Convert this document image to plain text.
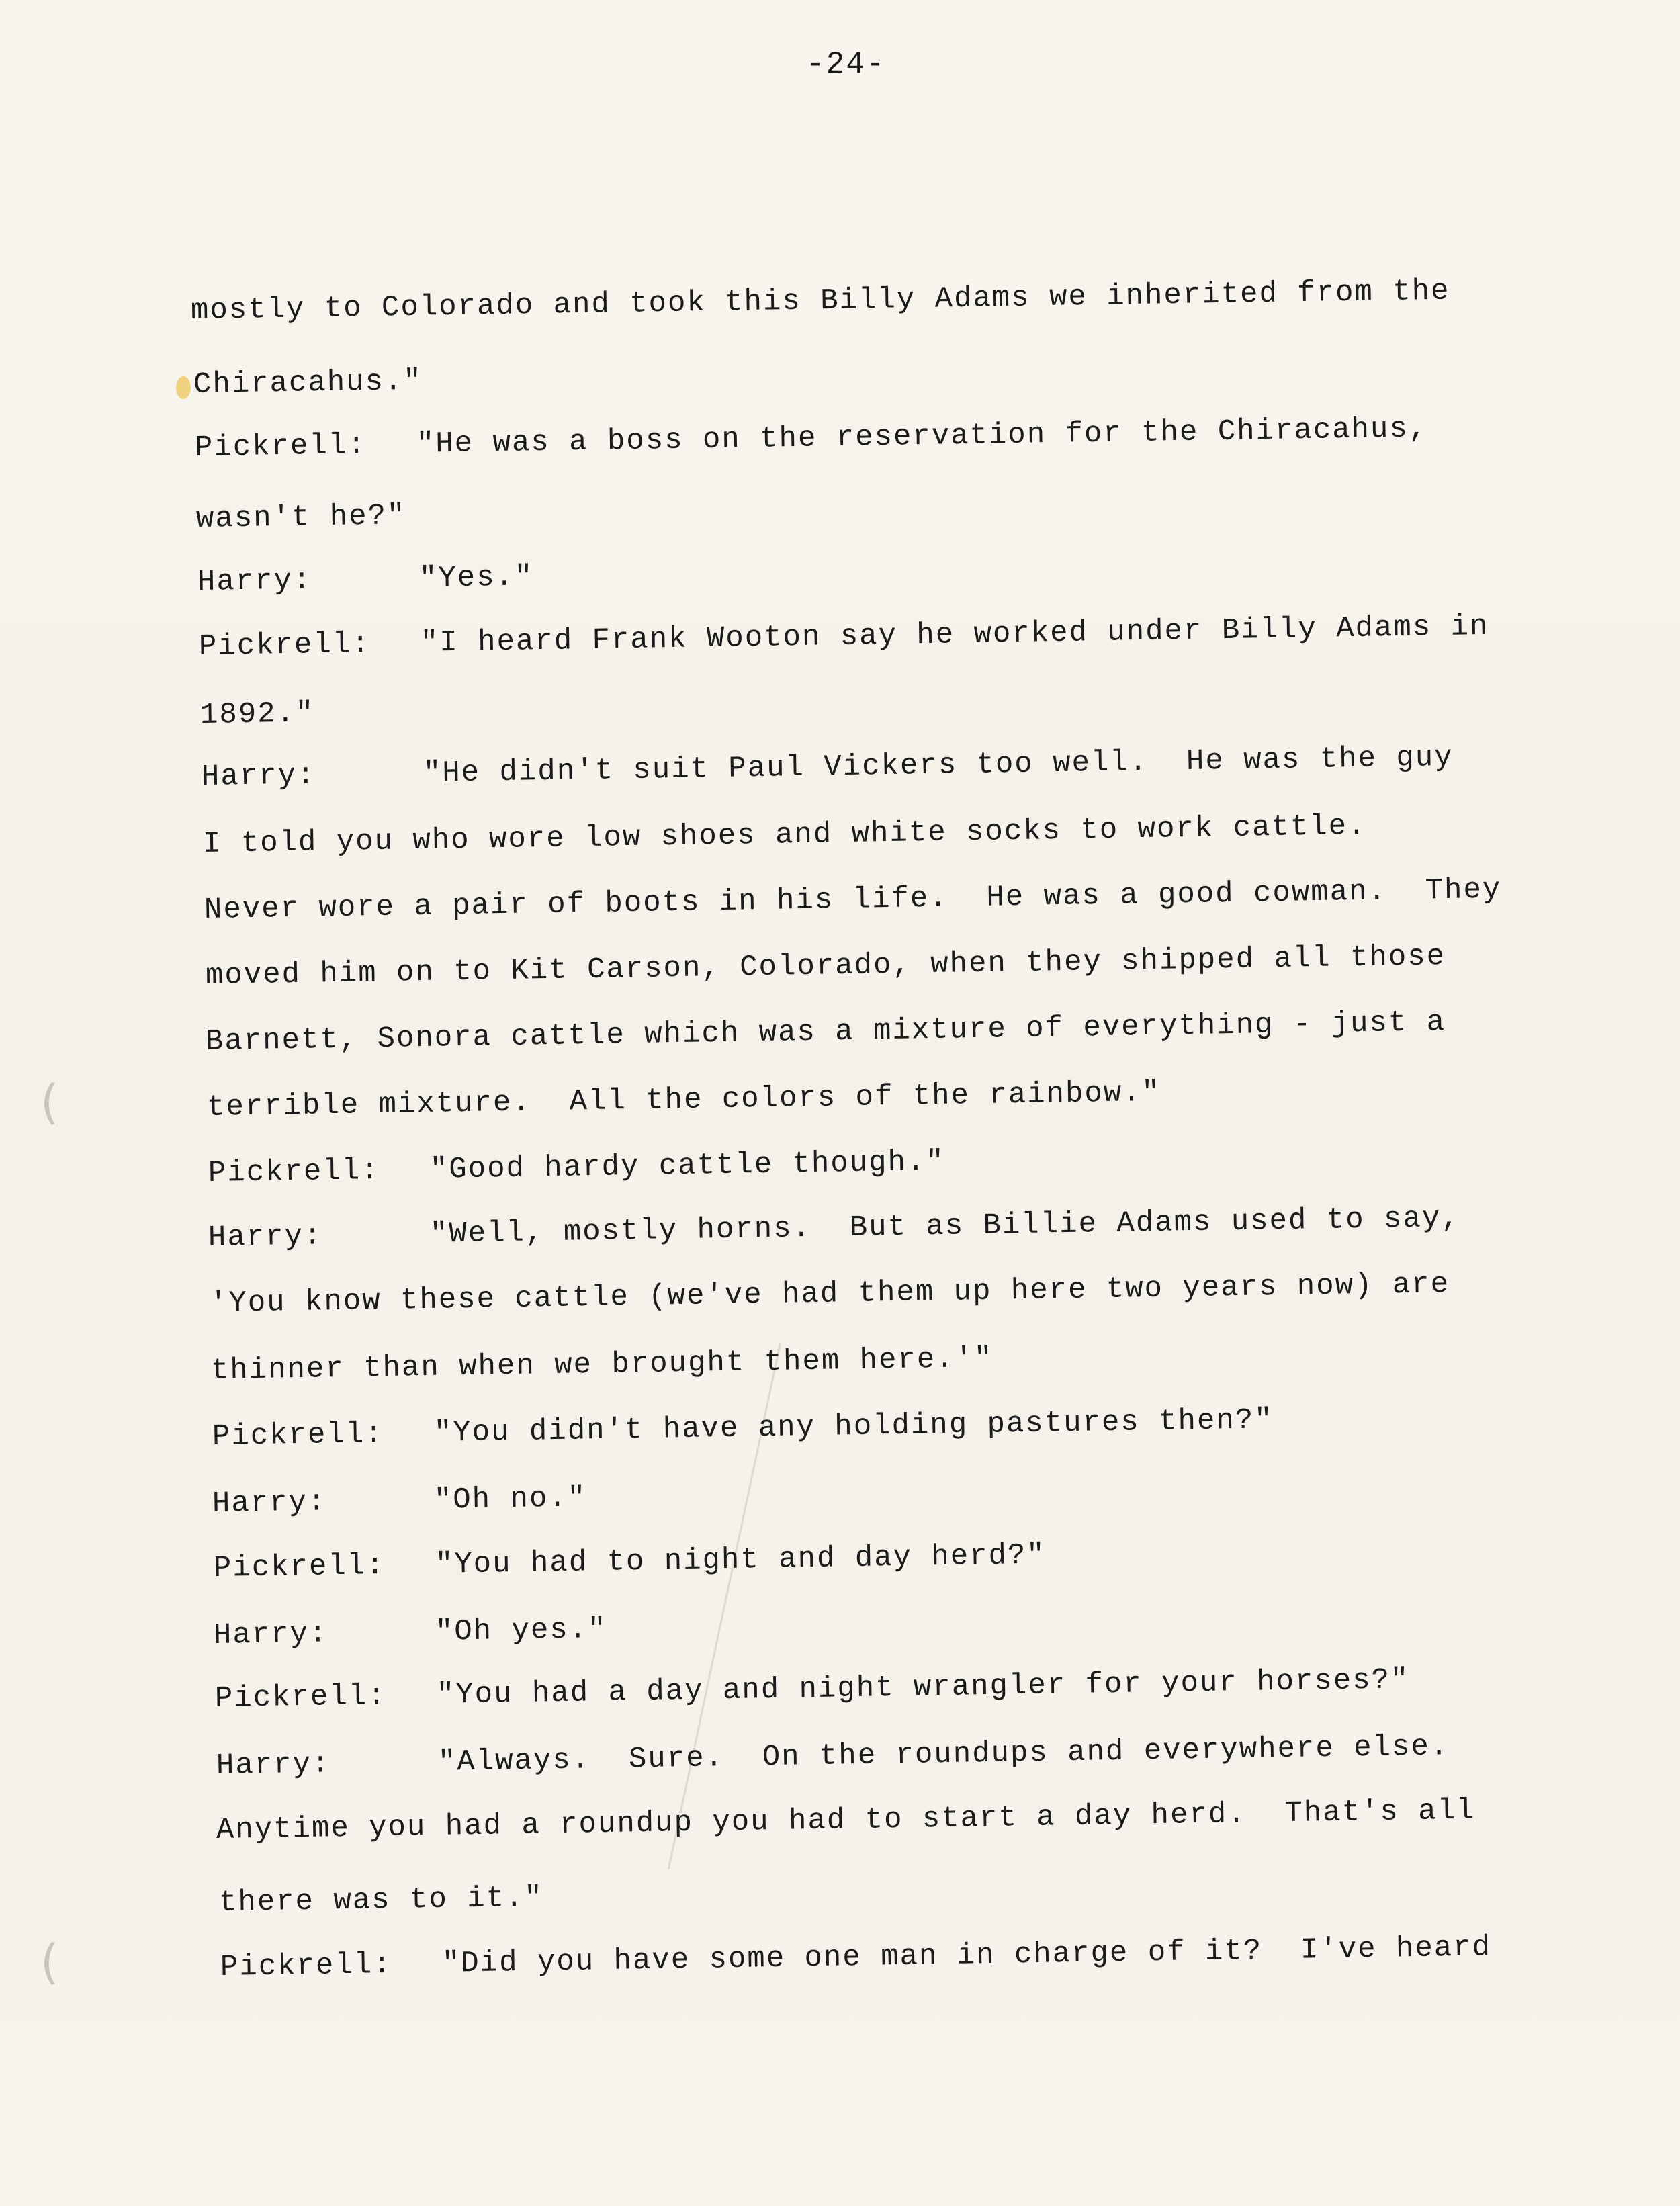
-24-
(
(
mostly to Colorado and took this Billy Adams we inherited from the
Chiracahus."
Pickrell: "He was a boss on the reservation for the Chiracahus,
wasn't he?"
Harry:	"Yes."
Pickrell: "I heard Frank Wooton say he worked under Billy Adams in
1892."
Harry:	"He didn't suit Paul Vickers too well.  He was the guy
I told you who wore low shoes and white socks to work cattle.
Never wore a pair of boots in his life.  He was a good cowman.  They
moved him on to Kit Carson, Colorado, when they shipped all those
Barnett, Sonora cattle which was a mixture of everything - just a
terrible mixture.  All the colors of the rainbow."
Pickrell: "Good hardy cattle though."
Harry:	"Well, mostly horns.  But as Billie Adams used to say,
'You know these cattle (we've had them up here two years now) are
thinner than when we brought them here.'"
Pickrell: "You didn't have any holding pastures then?"
Harry:	"Oh no."
Pickrell: "You had to night and day herd?"
Harry:	"Oh yes."
Pickrell: "You had a day and night wrangler for your horses?"
Harry:	"Always.  Sure.  On the roundups and everywhere else.
Anytime you had a roundup you had to start a day herd.  That's all
there was to it."
Pickrell: "Did you have some one man in charge of it?  I've heard
